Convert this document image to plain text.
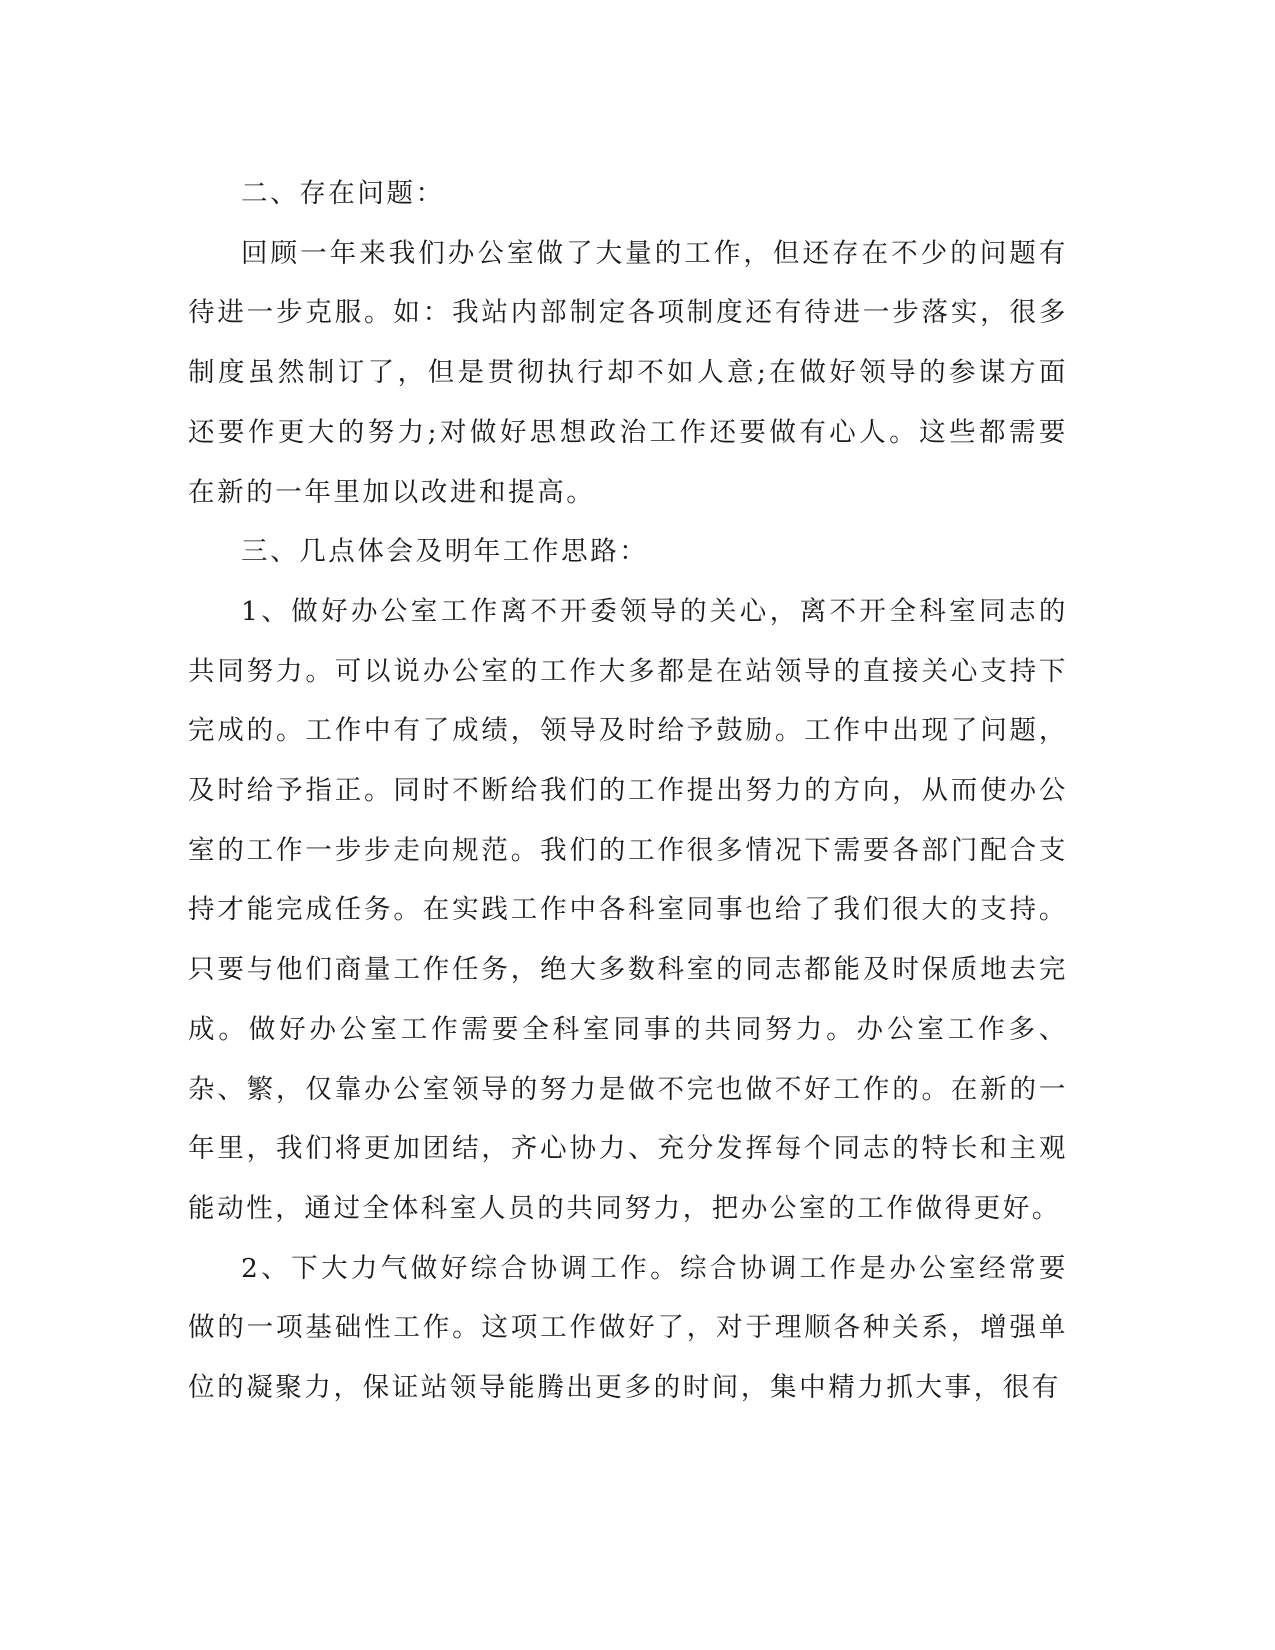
二、存在问题：

回顾一年来我们办公室做了大量的工作，但还存在不少的问题有待进一步克服。如：我站内部制定各项制度还有待进一步落实，很多制度虽然制订了，但是贯彻执行却不如人意;在做好领导的参谋方面还要作更大的努力;对做好思想政治工作还要做有心人。这些都需要在新的一年里加以改进和提高。

三、几点体会及明年工作思路：

1、做好办公室工作离不开委领导的关心，离不开全科室同志的共同努力。可以说办公室的工作大多都是在站领导的直接关心支持下完成的。工作中有了成绩，领导及时给予鼓励。工作中出现了问题，及时给予指正。同时不断给我们的工作提出努力的方向，从而使办公室的工作一步步走向规范。我们的工作很多情况下需要各部门配合支持才能完成任务。在实践工作中各科室同事也给了我们很大的支持。只要与他们商量工作任务，绝大多数科室的同志都能及时保质地去完成。做好办公室工作需要全科室同事的共同努力。办公室工作多、杂、繁，仅靠办公室领导的努力是做不完也做不好工作的。在新的一年里，我们将更加团结，齐心协力、充分发挥每个同志的特长和主观能动性，通过全体科室人员的共同努力，把办公室的工作做得更好。

2、下大力气做好综合协调工作。综合协调工作是办公室经常要做的一项基础性工作。这项工作做好了，对于理顺各种关系，增强单位的凝聚力，保证站领导能腾出更多的时间，集中精力抓大事，很有
